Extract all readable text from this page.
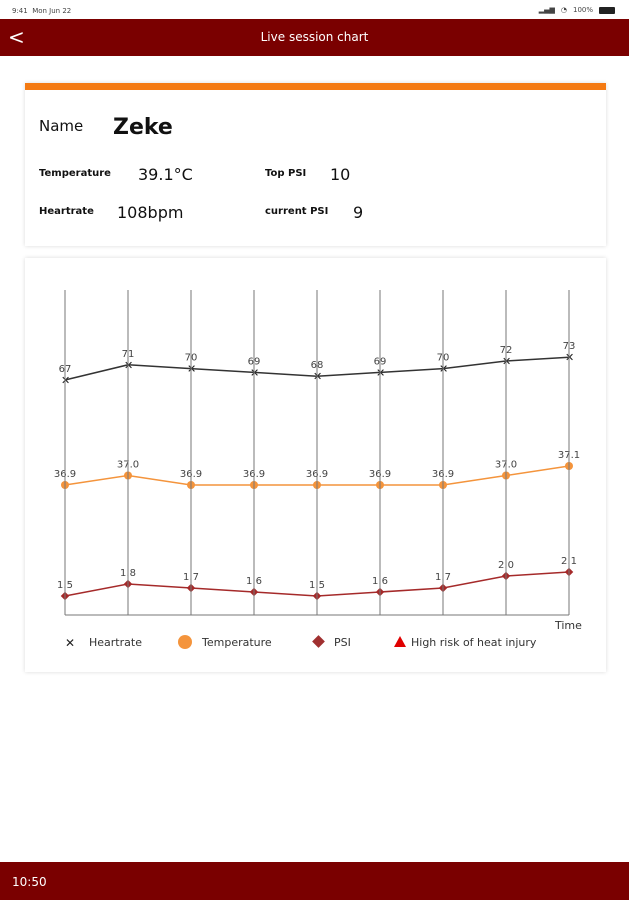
9:41 Mon Jun 22	▂▄▆ ◔ 100%
<	Live session chart
Name Zeke
Temperature 39.1°C
Heartrate 108bpm
Top PSI 10
current PSI 9
2.1
2.0
1.7
1.6
1.5
1.6
1.7
1.8
1.5
37.1
37.0
36.9
36.9
36.9
36.9
36.9
37.0
36.9
73
✕
72
✕
70
✕
69
✕
68
✕
69
✕
70
✕
71
✕
67
✕
Time
✕ Heartrate	Temperature	PSI	High risk of heat injury
10:50
